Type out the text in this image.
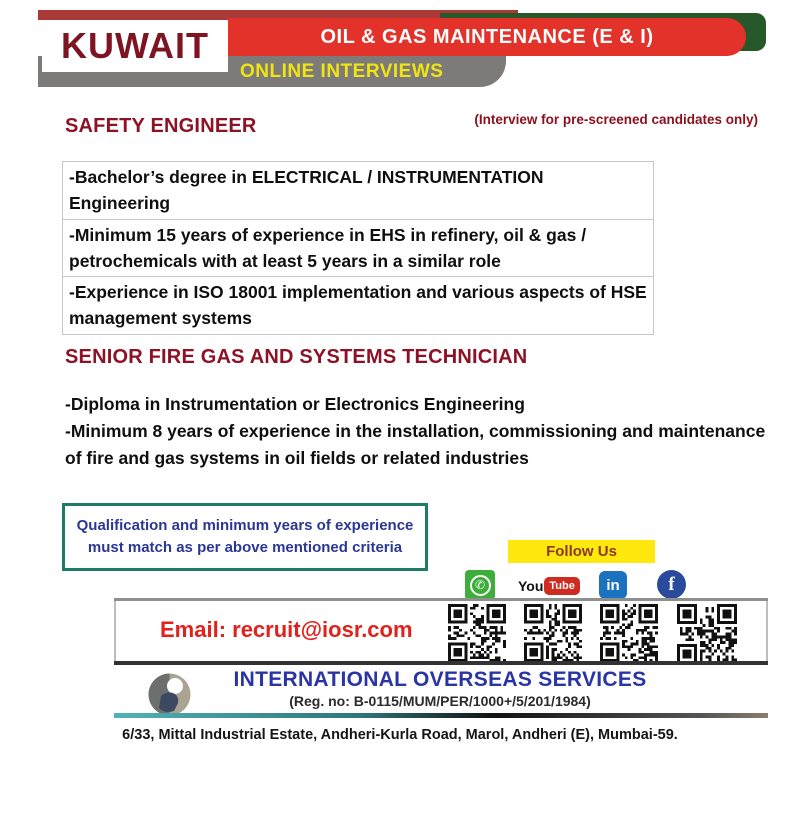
OIL & GAS MAINTENANCE (E & I)
ONLINE INTERVIEWS
KUWAIT
SAFETY ENGINEER	(Interview for pre-screened candidates only)
-Bachelor’s degree in ELECTRICAL / INSTRUMENTATION Engineering
-Minimum 15 years of experience in EHS in refinery, oil & gas / petrochemicals with at least 5 years in a similar role
-Experience in ISO 18001 implementation and various aspects of HSE management systems
SENIOR FIRE GAS AND SYSTEMS TECHNICIAN
-Diploma in Instrumentation or Electronics Engineering
-Minimum 8 years of experience in the installation, commissioning and maintenance of fire and gas systems in oil fields or related industries
Qualification and minimum years of experience must match as per above mentioned criteria	Follow Us
✆	You Tube	in	f
Email: recruit@iosr.com
INTERNATIONAL OVERSEAS SERVICES
(Reg. no: B-0115/MUM/PER/1000+/5/201/1984)
6/33, Mittal Industrial Estate, Andheri-Kurla Road, Marol, Andheri (E), Mumbai-59.
